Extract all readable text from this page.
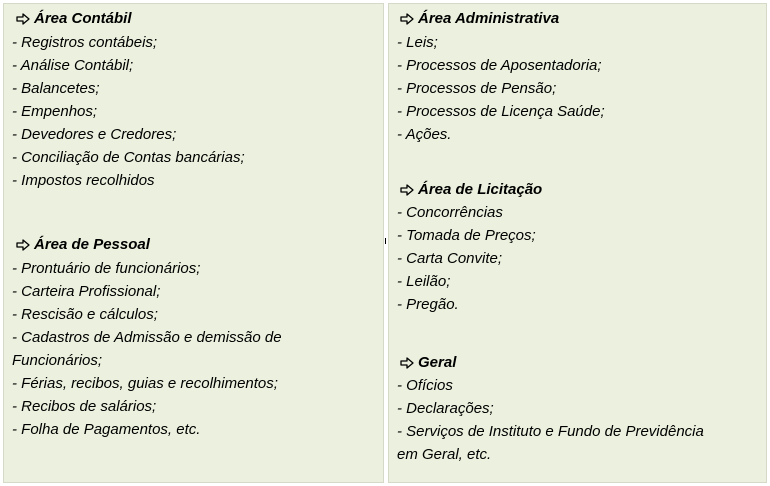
Área Contábil
- Registros contábeis;
- Análise Contábil;
- Balancetes;
- Empenhos;
- Devedores e Credores;
- Conciliação de Contas bancárias;
- Impostos recolhidos
Área de Pessoal
- Prontuário de funcionários;
- Carteira Profissional;
- Rescisão e cálculos;
- Cadastros de Admissão e demissão de
Funcionários;
- Férias, recibos, guias e recolhimentos;
- Recibos de salários;
- Folha de Pagamentos, etc.
Área Administrativa
- Leis;
- Processos de Aposentadoria;
- Processos de Pensão;
- Processos de Licença Saúde;
- Ações.
Área de Licitação
- Concorrências
- Tomada de Preços;
- Carta Convite;
- Leilão;
- Pregão.
Geral
- Ofícios
- Declarações;
- Serviços de Instituto e Fundo de Previdência
em Geral, etc.
